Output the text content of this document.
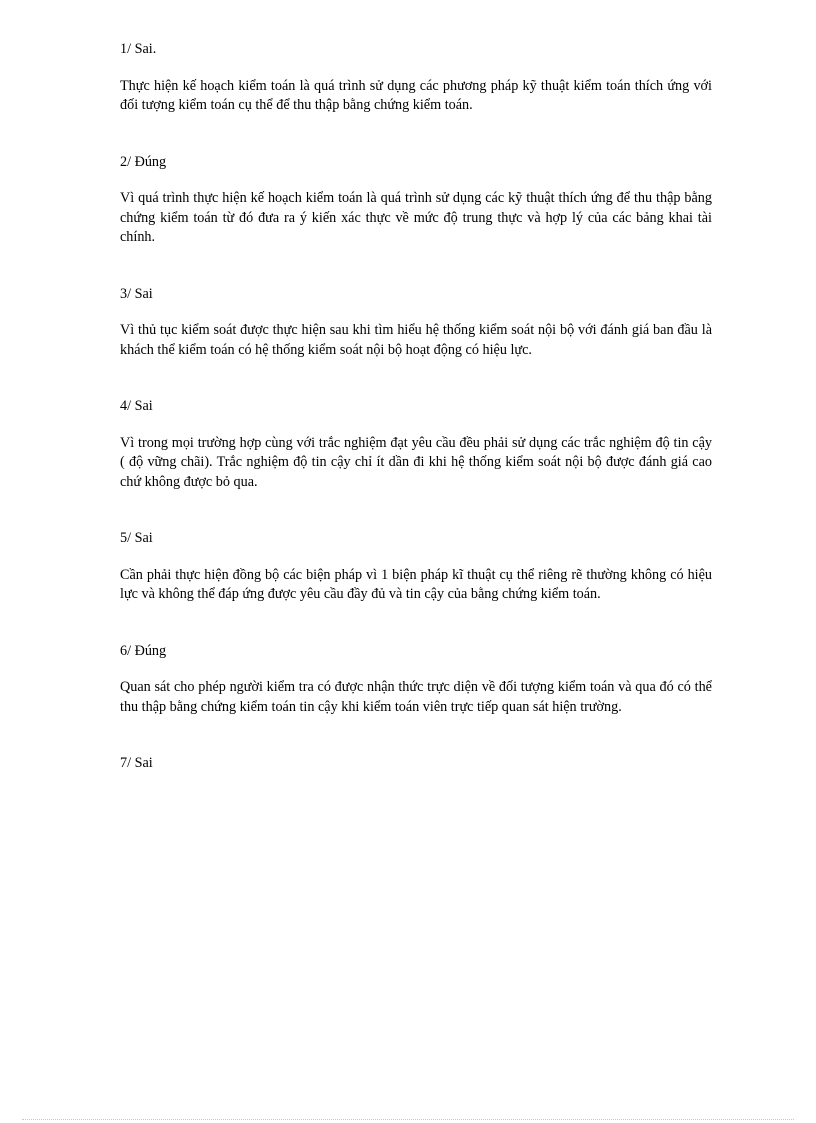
1/ Sai.

Thực hiện kế hoạch kiểm toán là quá trình sử dụng các phương pháp kỹ thuật kiểm toán thích ứng với đối tượng kiểm toán cụ thể để thu thập bằng chứng kiểm toán.

2/ Đúng

Vì quá trình thực hiện kế hoạch kiểm toán là quá trình sử dụng các kỹ thuật thích ứng để thu thập bằng chứng kiểm toán từ đó đưa ra ý kiến xác thực về mức độ trung thực và hợp lý của các bảng khai tài chính.

3/ Sai

Vì thủ tục kiểm soát được thực hiện sau khi tìm hiểu hệ thống kiểm soát nội bộ với đánh giá ban đầu là khách thể kiểm toán có hệ thống kiểm soát nội bộ hoạt động có hiệu lực.

4/ Sai

Vì trong mọi trường hợp cùng với trắc nghiệm đạt yêu cầu đều phải sử dụng các trắc nghiệm độ tin cậy ( độ vững chãi). Trắc nghiệm độ tin cậy chỉ ít dần đi khi hệ thống kiểm soát nội bộ được đánh giá cao chứ không được bỏ qua.

5/ Sai

Cần phải thực hiện đồng bộ các biện pháp vì 1 biện pháp kĩ thuật cụ thể riêng rẽ thường không có hiệu lực và không thể đáp ứng được yêu cầu đầy đủ và tin cậy của bằng chứng kiểm toán.

6/ Đúng

Quan sát cho phép người kiểm tra có được nhận thức trực diện về đối tượng kiểm toán và qua đó có thể thu thập bằng chứng kiểm toán tin cậy khi kiểm toán viên trực tiếp quan sát hiện trường.

7/ Sai
